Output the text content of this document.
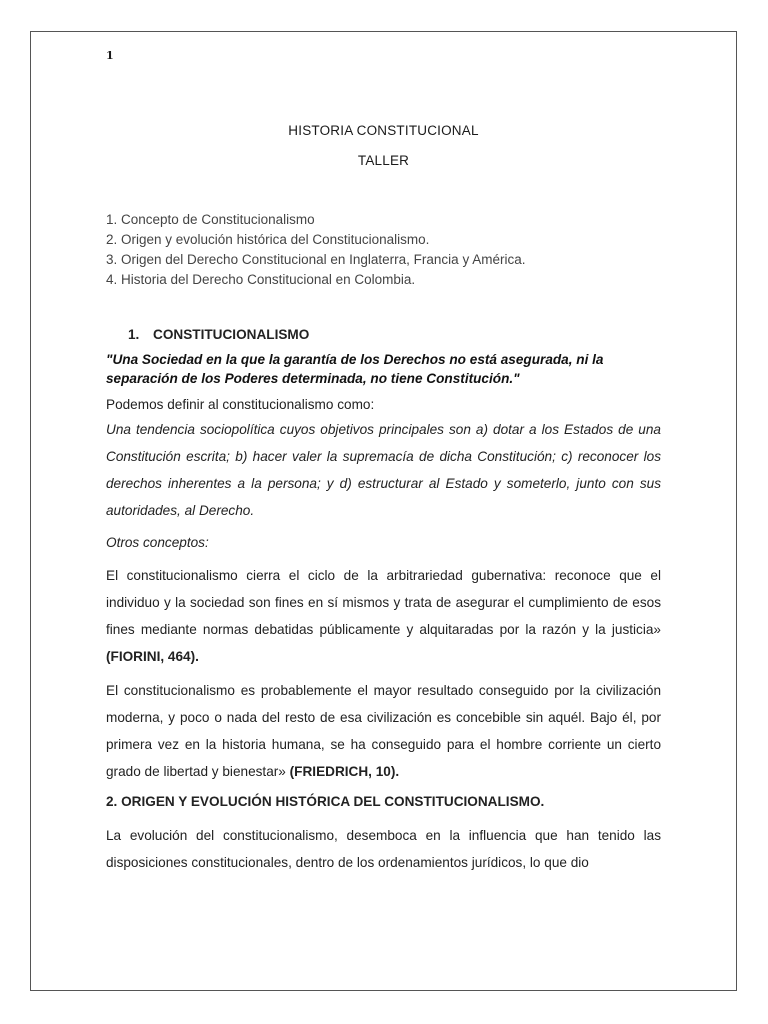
1
HISTORIA CONSTITUCIONAL
TALLER
1. Concepto de Constitucionalismo
2. Origen y evolución histórica del Constitucionalismo.
3. Origen del Derecho Constitucional en Inglaterra, Francia y América.
4. Historia del Derecho Constitucional en Colombia.

1. CONSTITUCIONALISMO

"Una Sociedad en la que la garantía de los Derechos no está asegurada, ni la separación de los Poderes determinada, no tiene Constitución."

Podemos definir al constitucionalismo como:

Una tendencia sociopolítica cuyos objetivos principales son a) dotar a los Estados de una Constitución escrita; b) hacer valer la supremacía de dicha Constitución; c) reconocer los derechos inherentes a la persona; y d) estructurar al Estado y someterlo, junto con sus autoridades, al Derecho.

Otros conceptos:

El constitucionalismo cierra el ciclo de la arbitrariedad gubernativa: reconoce que el individuo y la sociedad son fines en sí mismos y trata de asegurar el cumplimiento de esos fines mediante normas debatidas públicamente y alquitaradas por la razón y la justicia» (FIORINI, 464).

El constitucionalismo es probablemente el mayor resultado conseguido por la civilización moderna, y poco o nada del resto de esa civilización es concebible sin aquél. Bajo él, por primera vez en la historia humana, se ha conseguido para el hombre corriente un cierto grado de libertad y bienestar» (FRIEDRICH, 10).

2. ORIGEN Y EVOLUCIÓN HISTÓRICA DEL CONSTITUCIONALISMO.

La evolución del constitucionalismo, desemboca en la influencia que han tenido las disposiciones constitucionales, dentro de los ordenamientos jurídicos, lo que dio
